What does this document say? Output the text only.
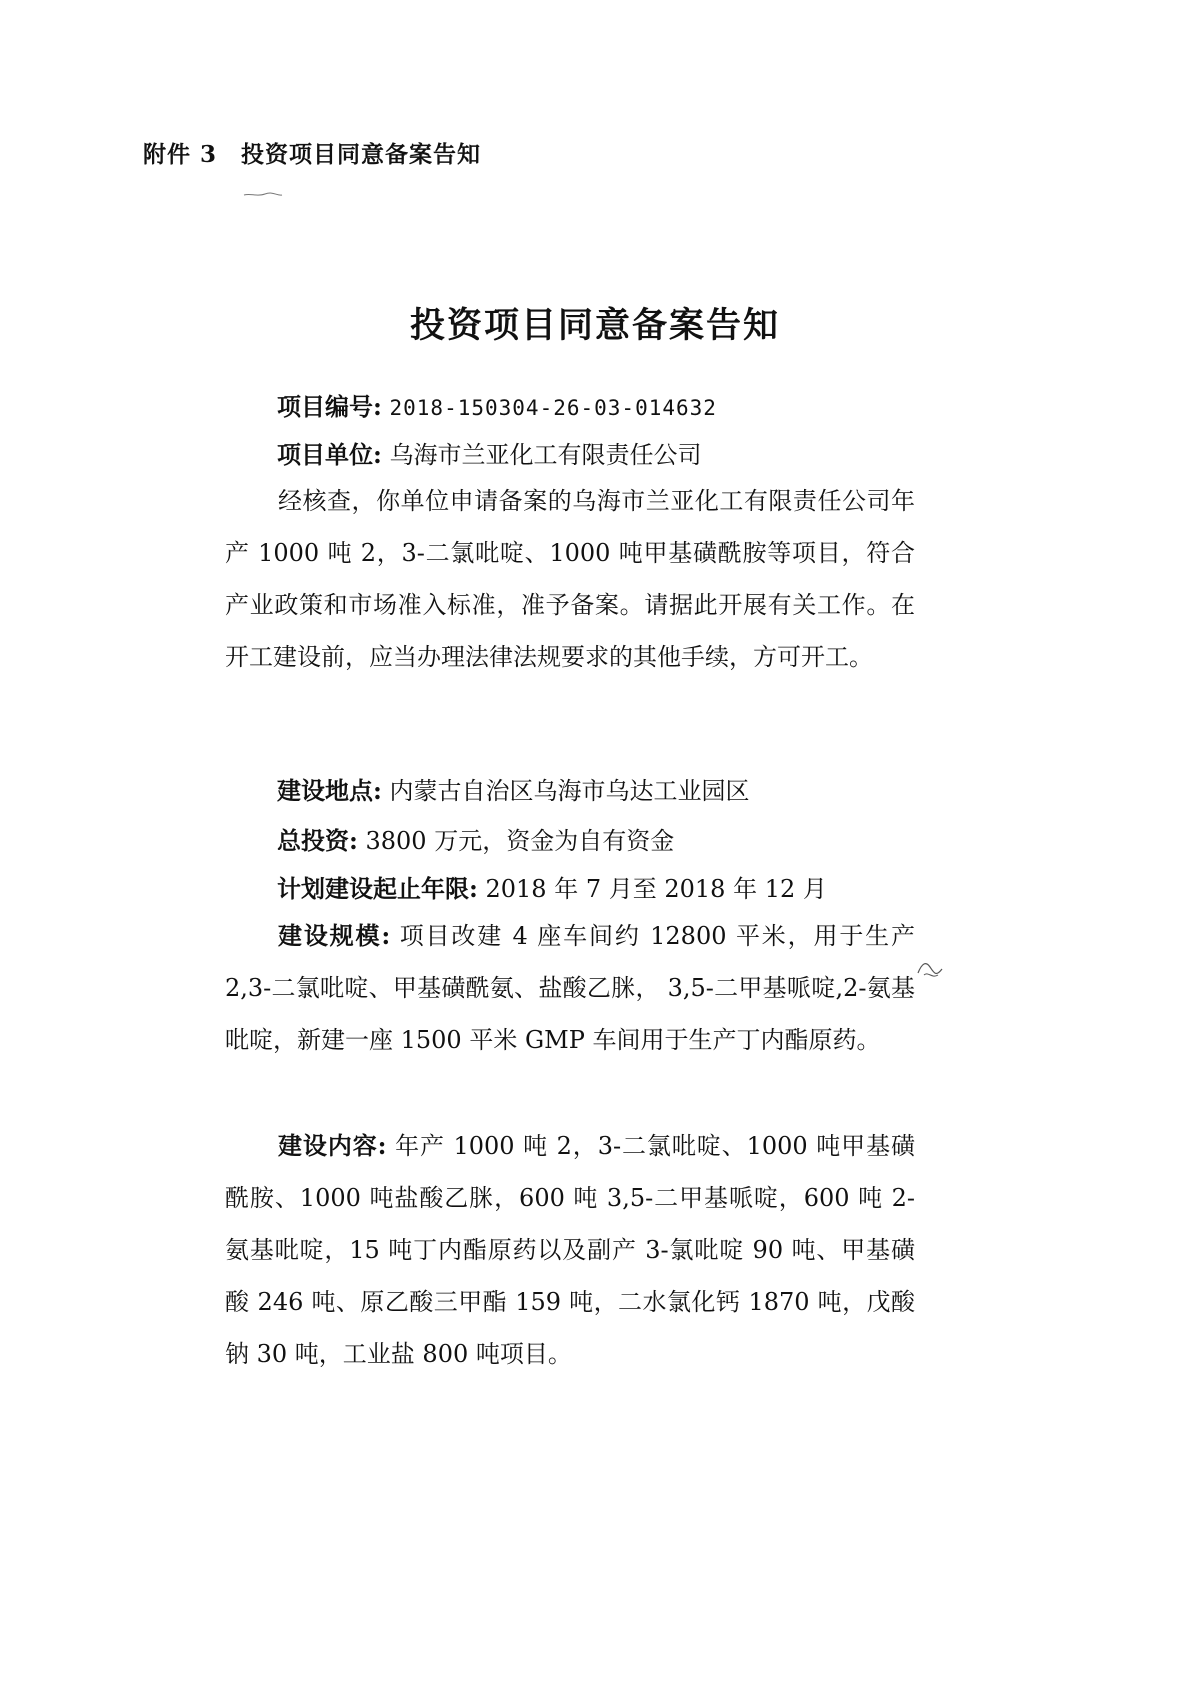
附件 3 投资项目同意备案告知
投资项目同意备案告知
项目编号: 2018-150304-26-03-014632
项目单位: 乌海市兰亚化工有限责任公司
经核查，你单位申请备案的乌海市兰亚化工有限责任公司年产 1000 吨 2，3-二氯吡啶、1000 吨甲基磺酰胺等项目，符合产业政策和市场准入标准，准予备案。请据此开展有关工作。在开工建设前，应当办理法律法规要求的其他手续，方可开工。
建设地点: 内蒙古自治区乌海市乌达工业园区
总投资: 3800 万元，资金为自有资金
计划建设起止年限: 2018 年 7 月至 2018 年 12 月
建设规模: 项目改建 4 座车间约 12800 平米，用于生产 2,3-二氯吡啶、甲基磺酰氨、盐酸乙脒， 3,5-二甲基哌啶,2-氨基吡啶，新建一座 1500 平米 GMP 车间用于生产丁内酯原药。
建设内容: 年产 1000 吨 2，3-二氯吡啶、1000 吨甲基磺酰胺、1000 吨盐酸乙脒，600 吨 3,5-二甲基哌啶，600 吨 2-氨基吡啶，15 吨丁内酯原药以及副产 3-氯吡啶 90 吨、甲基磺酸 246 吨、原乙酸三甲酯 159 吨，二水氯化钙 1870 吨，戊酸钠 30 吨，工业盐 800 吨项目。
